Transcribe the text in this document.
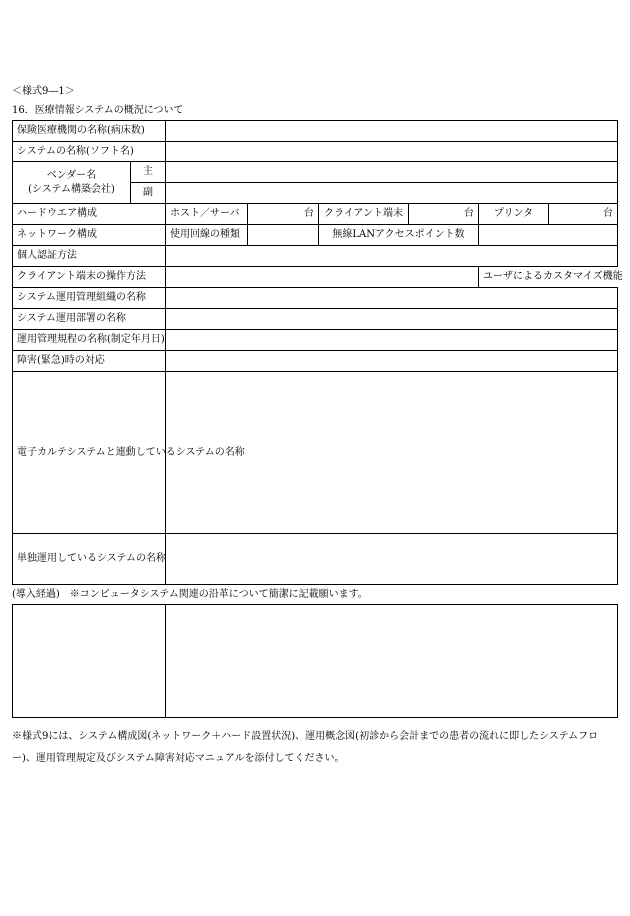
＜様式9―1＞
16．医療情報システムの概況について
保険医療機関の名称(病床数)							
システムの名称(ソフト名)							
ベンダー名
(システム構築会社)	主						
	副						
ハードウエア構成		ホスト／サーバ	台	クライアント端末	台	プリンタ	台
ネットワーク構成		使用回線の種類		無線LANアクセスポイント数			
個人認証方法							
クライアント端末の操作方法						ユーザによるカスタマイズ機能	
システム運用管理組織の名称							
システム運用部署の名称							
運用管理規程の名称(制定年月日)							
障害(緊急)時の対応							
電子カルテシステムと連動しているシステムの名称							
単独運用しているシステムの名称							
(導入経過)　※コンピュータシステム関連の沿革について簡潔に記載願います。

※様式9には、システム構成図(ネットワーク＋ハード設置状況)、運用概念図(初診から会計までの患者の流れに即したシステムフロー)、運用管理規定及びシステム障害対応マニュアルを添付してください。
